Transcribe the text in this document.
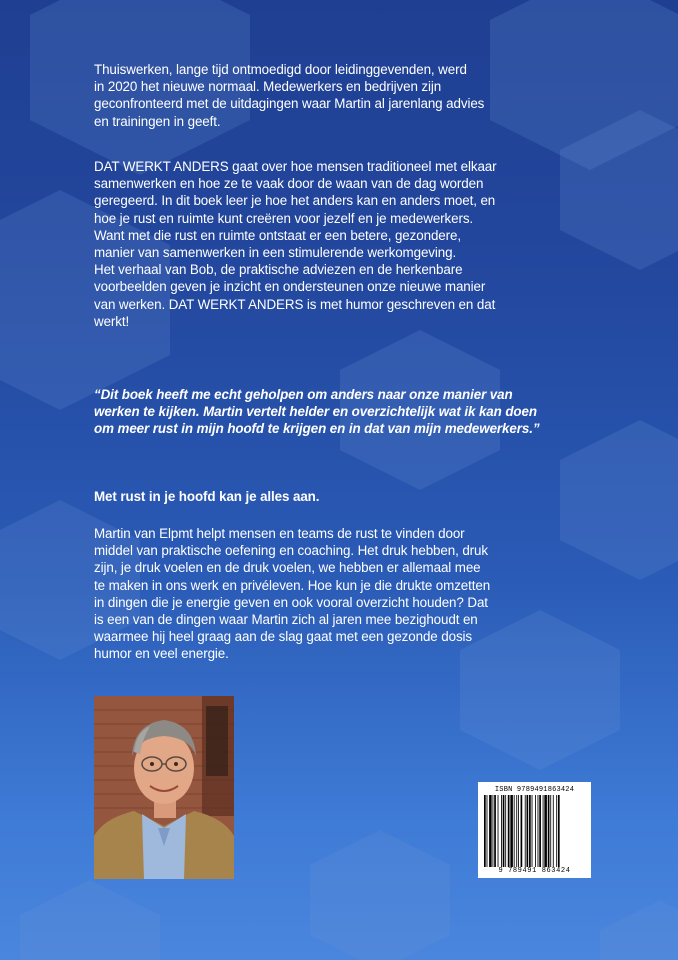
Thuiswerken, lange tijd ontmoedigd door leidinggevenden, werd

in 2020 het nieuwe normaal. Medewerkers en bedrijven zijn

geconfronteerd met de uitdagingen waar Martin al jarenlang advies

en trainingen in geeft.

DAT WERKT ANDERS gaat over hoe mensen traditioneel met elkaar

samenwerken en hoe ze te vaak door de waan van de dag worden

geregeerd. In dit boek leer je hoe het anders kan en anders moet, en

hoe je rust en ruimte kunt creëren voor jezelf en je medewerkers.

Want met die rust en ruimte ontstaat er een betere, gezondere,

manier van samenwerken in een stimulerende werkomgeving.

Het verhaal van Bob, de praktische adviezen en de herkenbare

voorbeelden geven je inzicht en ondersteunen onze nieuwe manier

van werken. DAT WERKT ANDERS is met humor geschreven en dat

werkt!

“Dit boek heeft me echt geholpen om anders naar onze manier van

werken te kijken. Martin vertelt helder en overzichtelijk wat ik kan doen

om meer rust in mijn hoofd te krijgen en in dat van mijn medewerkers.”

Met rust in je hoofd kan je alles aan.

Martin van Elpmt helpt mensen en teams de rust te vinden door

middel van praktische oefening en coaching. Het druk hebben, druk

zijn, je druk voelen en de druk voelen, we hebben er allemaal mee

te maken in ons werk en privéleven. Hoe kun je die drukte omzetten

in dingen die je energie geven en ook vooral overzicht houden? Dat

is een van de dingen waar Martin zich al jaren mee bezighoudt en

waarmee hij heel graag aan de slag gaat met een gezonde dosis

humor en veel energie.

ISBN 9789491863424
9 789491 863424
